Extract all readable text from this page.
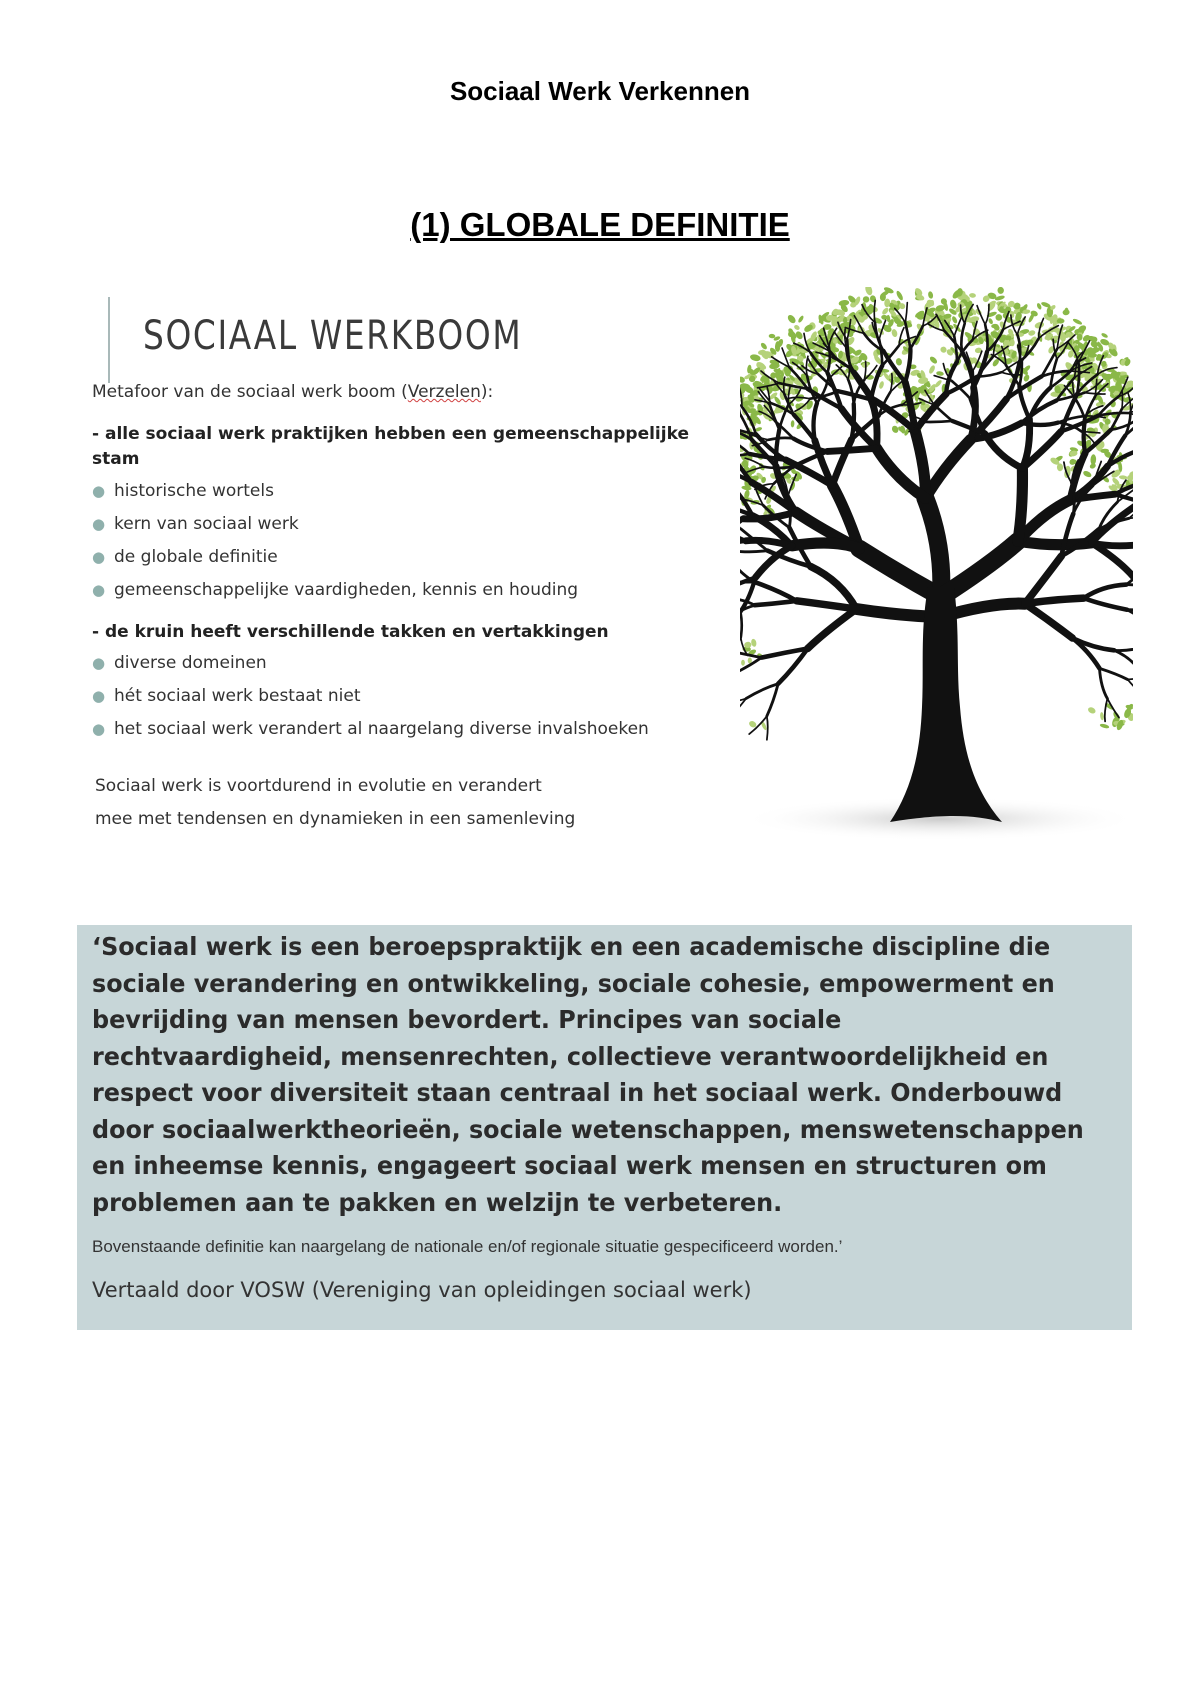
Sociaal Werk Verkennen
(1) GLOBALE DEFINITIE
SOCIAAL WERKBOOM
Metafoor van de sociaal werk boom (Verzelen):
- alle sociaal werk praktijken hebben een gemeenschappelijke stam
● historische wortels
● kern van sociaal werk
● de globale definitie
● gemeenschappelijke vaardigheden, kennis en houding
- de kruin heeft verschillende takken en vertakkingen
● diverse domeinen
● hét sociaal werk bestaat niet
● het sociaal werk verandert al naargelang diverse invalshoeken
Sociaal werk is voortdurend in evolutie en verandert
mee met tendensen en dynamieken in een samenleving
‘Sociaal werk is een beroepspraktijk en een academische discipline die sociale verandering en ontwikkeling, sociale cohesie, empowerment en bevrijding van mensen bevordert. Principes van sociale rechtvaardigheid, mensenrechten, collectieve verantwoordelijkheid en respect voor diversiteit staan centraal in het sociaal werk. Onderbouwd door sociaalwerktheorieën, sociale wetenschappen, menswetenschappen en inheemse kennis, engageert sociaal werk mensen en structuren om problemen aan te pakken en welzijn te verbeteren.
Bovenstaande definitie kan naargelang de nationale en/of regionale situatie gespecificeerd worden.’
Vertaald door VOSW (Vereniging van opleidingen sociaal werk)
